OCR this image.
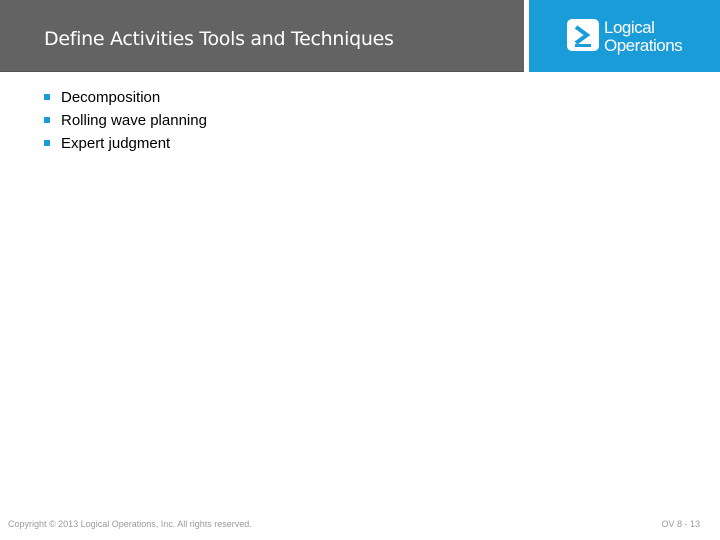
Define Activities Tools and Techniques
Logical
Operations
Decomposition
Rolling wave planning
Expert judgment
Copyright © 2013 Logical Operations, Inc. All rights reserved.	OV 8 - 13
